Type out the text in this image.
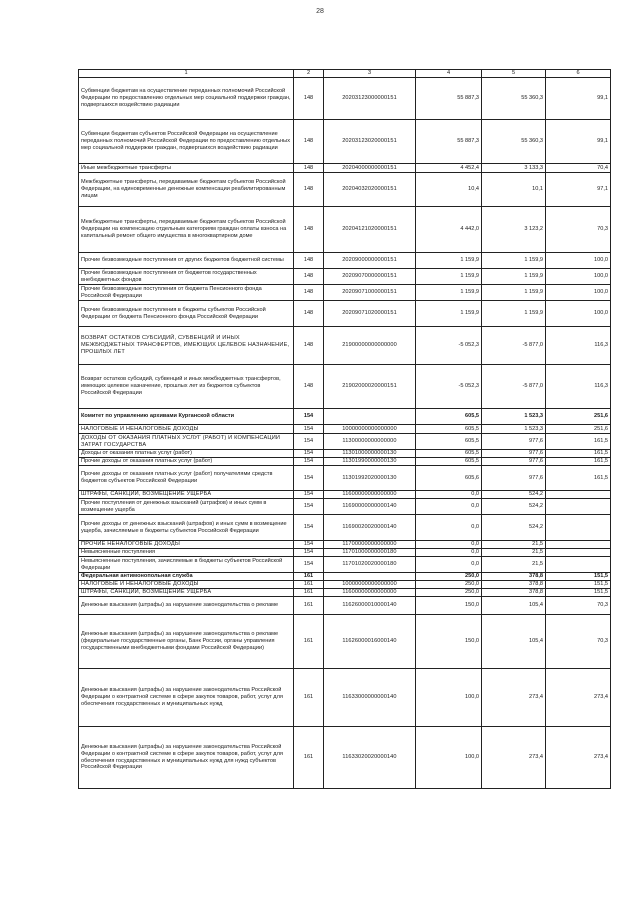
28
1	2	3	4	5	6
Субвенции бюджетам на осуществление переданных полномочий Российской Федерации по предоставлению отдельных мер социальной поддержки граждан, подвергшихся воздействию радиации	148	20203123000000151	55 887,3	55 360,3	99,1
Субвенции бюджетам субъектов Российской Федерации на осуществление переданных полномочий Российской Федерации по предоставлению отдельных мер социальной поддержки граждан, подвергшихся воздействию радиации	148	20203123020000151	55 887,3	55 360,3	99,1
Иные межбюджетные трансферты	148	20204000000000151	4 452,4	3 133,3	70,4
Межбюджетные трансферты, передаваемые бюджетам субъектов Российской Федерации, на единовременные денежные компенсации реабилитированным лицам	148	20204032020000151	10,4	10,1	97,1
Межбюджетные трансферты, передаваемые бюджетам субъектов Российской Федерации на компенсацию отдельным категориям граждан оплаты взноса на капитальный ремонт общего имущества в многоквартирном доме	148	20204121020000151	4 442,0	3 123,2	70,3
Прочие безвозмездные поступления от других бюджетов бюджетной системы	148	20209000000000151	1 159,9	1 159,9	100,0
Прочие безвозмездные поступления от бюджетов государственных внебюджетных фондов	148	20209070000000151	1 159,9	1 159,9	100,0
Прочие безвозмездные поступления от бюджета Пенсионного фонда Российской Федерации	148	20209071000000151	1 159,9	1 159,9	100,0
Прочие безвозмездные поступления в бюджеты субъектов Российской Федерации от бюджета Пенсионного фонда Российской Федерации	148	20209071020000151	1 159,9	1 159,9	100,0
ВОЗВРАТ ОСТАТКОВ СУБСИДИЙ, СУБВЕНЦИЙ И ИНЫХ МЕЖБЮДЖЕТНЫХ ТРАНСФЕРТОВ, ИМЕЮЩИХ ЦЕЛЕВОЕ НАЗНАЧЕНИЕ, ПРОШЛЫХ ЛЕТ	148	21900000000000000	-5 052,3	-5 877,0	116,3
Возврат остатков субсидий, субвенций и иных межбюджетных трансфертов, имеющих целевое назначение, прошлых лет из бюджетов субъектов Российской Федерации	148	21902000020000151	-5 052,3	-5 877,0	116,3
Комитет по управлению архивами Курганской области	154		605,5	1 523,3	251,6
НАЛОГОВЫЕ И НЕНАЛОГОВЫЕ ДОХОДЫ	154	10000000000000000	605,5	1 523,3	251,6
ДОХОДЫ ОТ ОКАЗАНИЯ ПЛАТНЫХ УСЛУГ (РАБОТ) И КОМПЕНСАЦИИ ЗАТРАТ ГОСУДАРСТВА	154	11300000000000000	605,5	977,6	161,5
Доходы от оказания платных услуг (работ)	154	11301000000000130	605,5	977,6	161,5
Прочие доходы от оказания платных услуг (работ)	154	11301990000000130	605,5	977,6	161,5
Прочие доходы от оказания платных услуг (работ) получателями средств бюджетов субъектов Российской Федерации	154	11301992020000130	605,6	977,6	161,5
ШТРАФЫ, САНКЦИИ, ВОЗМЕЩЕНИЕ УЩЕРБА	154	11600000000000000	0,0	524,2	
Прочие поступления от денежных взысканий (штрафов) и иных сумм в возмещение ущерба	154	11690000000000140	0,0	524,2	
Прочие доходы от денежных взысканий (штрафов) и иных сумм в возмещение ущерба, зачисляемые в бюджеты субъектов Российской Федерации	154	11690020020000140	0,0	524,2	
ПРОЧИЕ НЕНАЛОГОВЫЕ ДОХОДЫ	154	11700000000000000	0,0	21,5	
Невыясненные поступления	154	11701000000000180	0,0	21,5	
Невыясненные поступления, зачисляемые в бюджеты субъектов Российской Федерации	154	11701020020000180	0,0	21,5	
Федеральная антимонопольная служба	161		250,0	378,8	151,5
НАЛОГОВЫЕ И НЕНАЛОГОВЫЕ ДОХОДЫ	161	10000000000000000	250,0	378,8	151,5
ШТРАФЫ, САНКЦИИ, ВОЗМЕЩЕНИЕ УЩЕРБА	161	11600000000000000	250,0	378,8	151,5
Денежные взыскания (штрафы) за нарушение законодательства о рекламе	161	11626000010000140	150,0	105,4	70,3
Денежные взыскания (штрафы) за нарушение законодательства о рекламе (федеральные государственные органы, Банк России, органы управления государственными внебюджетными фондами Российской Федерации)	161	11626000016000140	150,0	105,4	70,3
Денежные взыскания (штрафы) за нарушение законодательства Российской Федерации о контрактной системе в сфере закупок товаров, работ, услуг для обеспечения государственных и муниципальных нужд	161	11633000000000140	100,0	273,4	273,4
Денежные взыскания (штрафы) за нарушение законодательства Российской Федерации о контрактной системе в сфере закупок товаров, работ, услуг для обеспечения государственных и муниципальных нужд для нужд субъектов Российской Федерации	161	11633020020000140	100,0	273,4	273,4
